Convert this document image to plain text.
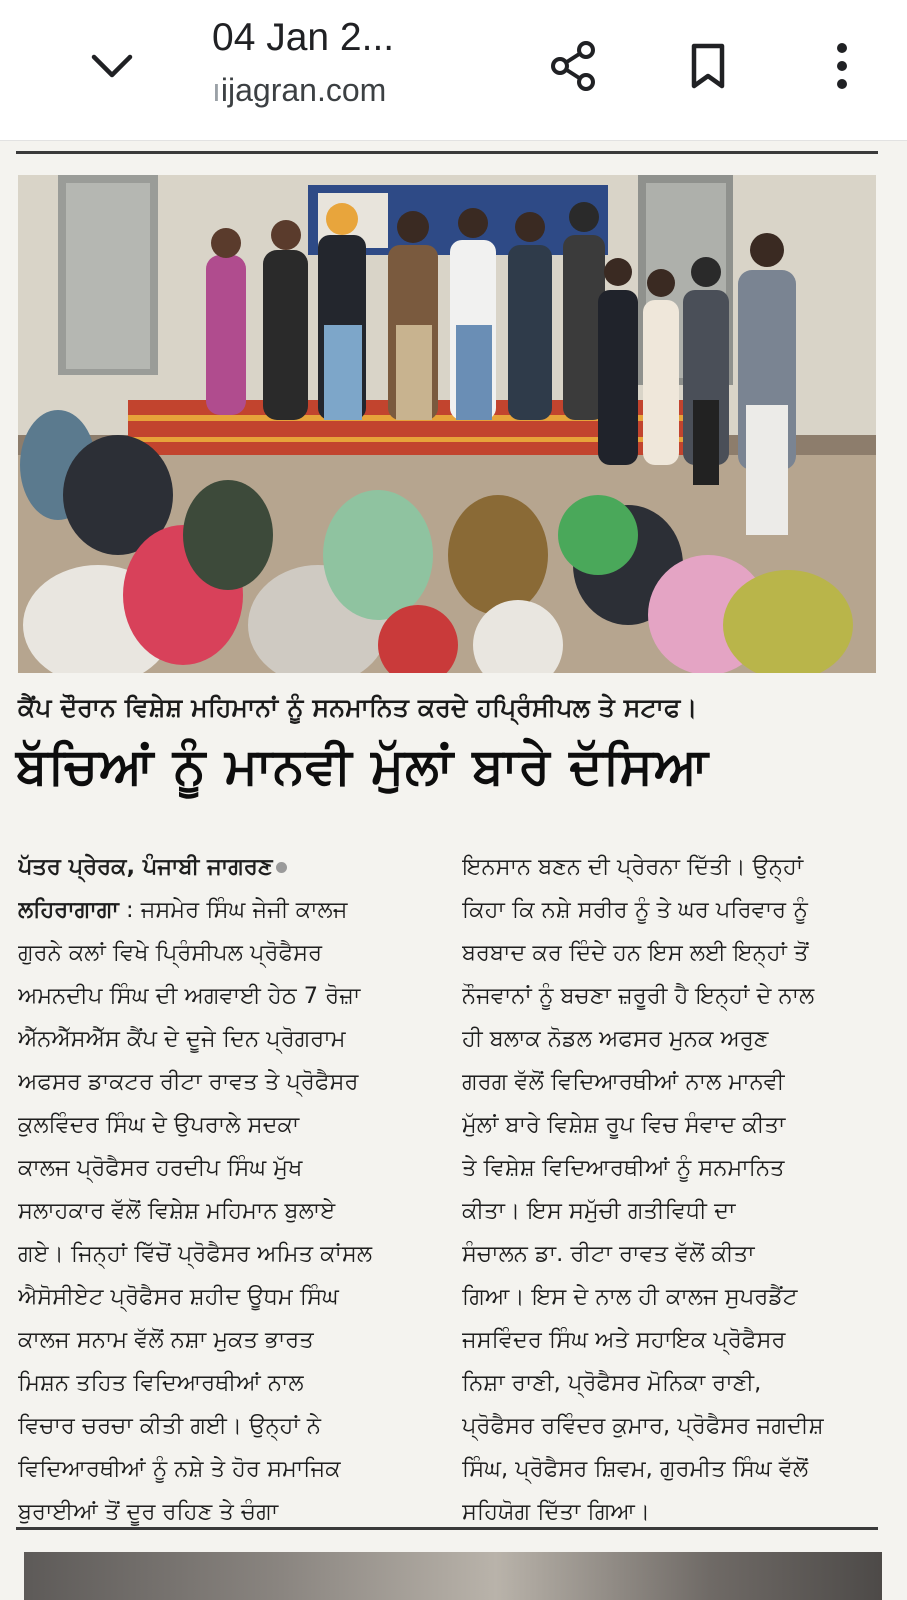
04 Jan 2...
ıijagran.com
ਕੈਂਪ ਦੌਰਾਨ ਵਿਸ਼ੇਸ਼ ਮਹਿਮਾਨਾਂ ਨੂੰ ਸਨਮਾਨਿਤ ਕਰਦੇ ਹਪ੍ਰਿੰਸੀਪਲ ਤੇ ਸਟਾਫ।
ਬੱਚਿਆਂ ਨੂੰ ਮਾਨਵੀ ਮੁੱਲਾਂ ਬਾਰੇ ਦੱਸਿਆ
ਪੱਤਰ ਪ੍ਰੇਰਕ, ਪੰਜਾਬੀ ਜਾਗਰਣ
ਲਹਿਰਾਗਾਗਾ : ਜਸਮੇਰ ਸਿੰਘ ਜੇਜੀ ਕਾਲਜ
ਗੁਰਨੇ ਕਲਾਂ ਵਿਖੇ ਪ੍ਰਿੰਸੀਪਲ ਪ੍ਰੋਫੈਸਰ
ਅਮਨਦੀਪ ਸਿੰਘ ਦੀ ਅਗਵਾਈ ਹੇਠ 7 ਰੋਜ਼ਾ
ਐੱਨਐੱਸਐੱਸ ਕੈਂਪ ਦੇ ਦੂਜੇ ਦਿਨ ਪ੍ਰੋਗਰਾਮ
ਅਫਸਰ ਡਾਕਟਰ ਰੀਟਾ ਰਾਵਤ ਤੇ ਪ੍ਰੋਫੈਸਰ
ਕੁਲਵਿੰਦਰ ਸਿੰਘ ਦੇ ਉਪਰਾਲੇ ਸਦਕਾ
ਕਾਲਜ ਪ੍ਰੋਫੈਸਰ ਹਰਦੀਪ ਸਿੰਘ ਮੁੱਖ
ਸਲਾਹਕਾਰ ਵੱਲੋਂ ਵਿਸ਼ੇਸ਼ ਮਹਿਮਾਨ ਬੁਲਾਏ
ਗਏ। ਜਿਨ੍ਹਾਂ ਵਿੱਚੋਂ ਪ੍ਰੋਫੈਸਰ ਅਮਿਤ ਕਾਂਸਲ
ਐਸੋਸੀਏਟ ਪ੍ਰੋਫੈਸਰ ਸ਼ਹੀਦ ਊਧਮ ਸਿੰਘ
ਕਾਲਜ ਸਨਾਮ ਵੱਲੋਂ ਨਸ਼ਾ ਮੁਕਤ ਭਾਰਤ
ਮਿਸ਼ਨ ਤਹਿਤ ਵਿਦਿਆਰਥੀਆਂ ਨਾਲ
ਵਿਚਾਰ ਚਰਚਾ ਕੀਤੀ ਗਈ। ਉਨ੍ਹਾਂ ਨੇ
ਵਿਦਿਆਰਥੀਆਂ ਨੂੰ ਨਸ਼ੇ ਤੇ ਹੋਰ ਸਮਾਜਿਕ
ਬੁਰਾਈਆਂ ਤੋਂ ਦੂਰ ਰਹਿਣ ਤੇ ਚੰਗਾ
ਇਨਸਾਨ ਬਣਨ ਦੀ ਪ੍ਰੇਰਨਾ ਦਿੱਤੀ। ਉਨ੍ਹਾਂ
ਕਿਹਾ ਕਿ ਨਸ਼ੇ ਸਰੀਰ ਨੂੰ ਤੇ ਘਰ ਪਰਿਵਾਰ ਨੂੰ
ਬਰਬਾਦ ਕਰ ਦਿੰਦੇ ਹਨ ਇਸ ਲਈ ਇਨ੍ਹਾਂ ਤੋਂ
ਨੌਜਵਾਨਾਂ ਨੂੰ ਬਚਣਾ ਜ਼ਰੂਰੀ ਹੈ ਇਨ੍ਹਾਂ ਦੇ ਨਾਲ
ਹੀ ਬਲਾਕ ਨੋਡਲ ਅਫਸਰ ਮੁਨਕ ਅਰੁਣ
ਗਰਗ ਵੱਲੋਂ ਵਿਦਿਆਰਥੀਆਂ ਨਾਲ ਮਾਨਵੀ
ਮੁੱਲਾਂ ਬਾਰੇ ਵਿਸ਼ੇਸ਼ ਰੂਪ ਵਿਚ ਸੰਵਾਦ ਕੀਤਾ
ਤੇ ਵਿਸ਼ੇਸ਼ ਵਿਦਿਆਰਥੀਆਂ ਨੂੰ ਸਨਮਾਨਿਤ
ਕੀਤਾ। ਇਸ ਸਮੁੱਚੀ ਗਤੀਵਿਧੀ ਦਾ
ਸੰਚਾਲਨ ਡਾ. ਰੀਟਾ ਰਾਵਤ ਵੱਲੋਂ ਕੀਤਾ
ਗਿਆ। ਇਸ ਦੇ ਨਾਲ ਹੀ ਕਾਲਜ ਸੁਪਰਡੈਂਟ
ਜਸਵਿੰਦਰ ਸਿੰਘ ਅਤੇ ਸਹਾਇਕ ਪ੍ਰੋਫੈਸਰ
ਨਿਸ਼ਾ ਰਾਣੀ, ਪ੍ਰੋਫੈਸਰ ਮੋਨਿਕਾ ਰਾਣੀ,
ਪ੍ਰੋਫੈਸਰ ਰਵਿੰਦਰ ਕੁਮਾਰ, ਪ੍ਰੋਫੈਸਰ ਜਗਦੀਸ਼
ਸਿੰਘ, ਪ੍ਰੋਫੈਸਰ ਸ਼ਿਵਮ, ਗੁਰਮੀਤ ਸਿੰਘ ਵੱਲੋਂ
ਸਹਿਯੋਗ ਦਿੱਤਾ ਗਿਆ।
